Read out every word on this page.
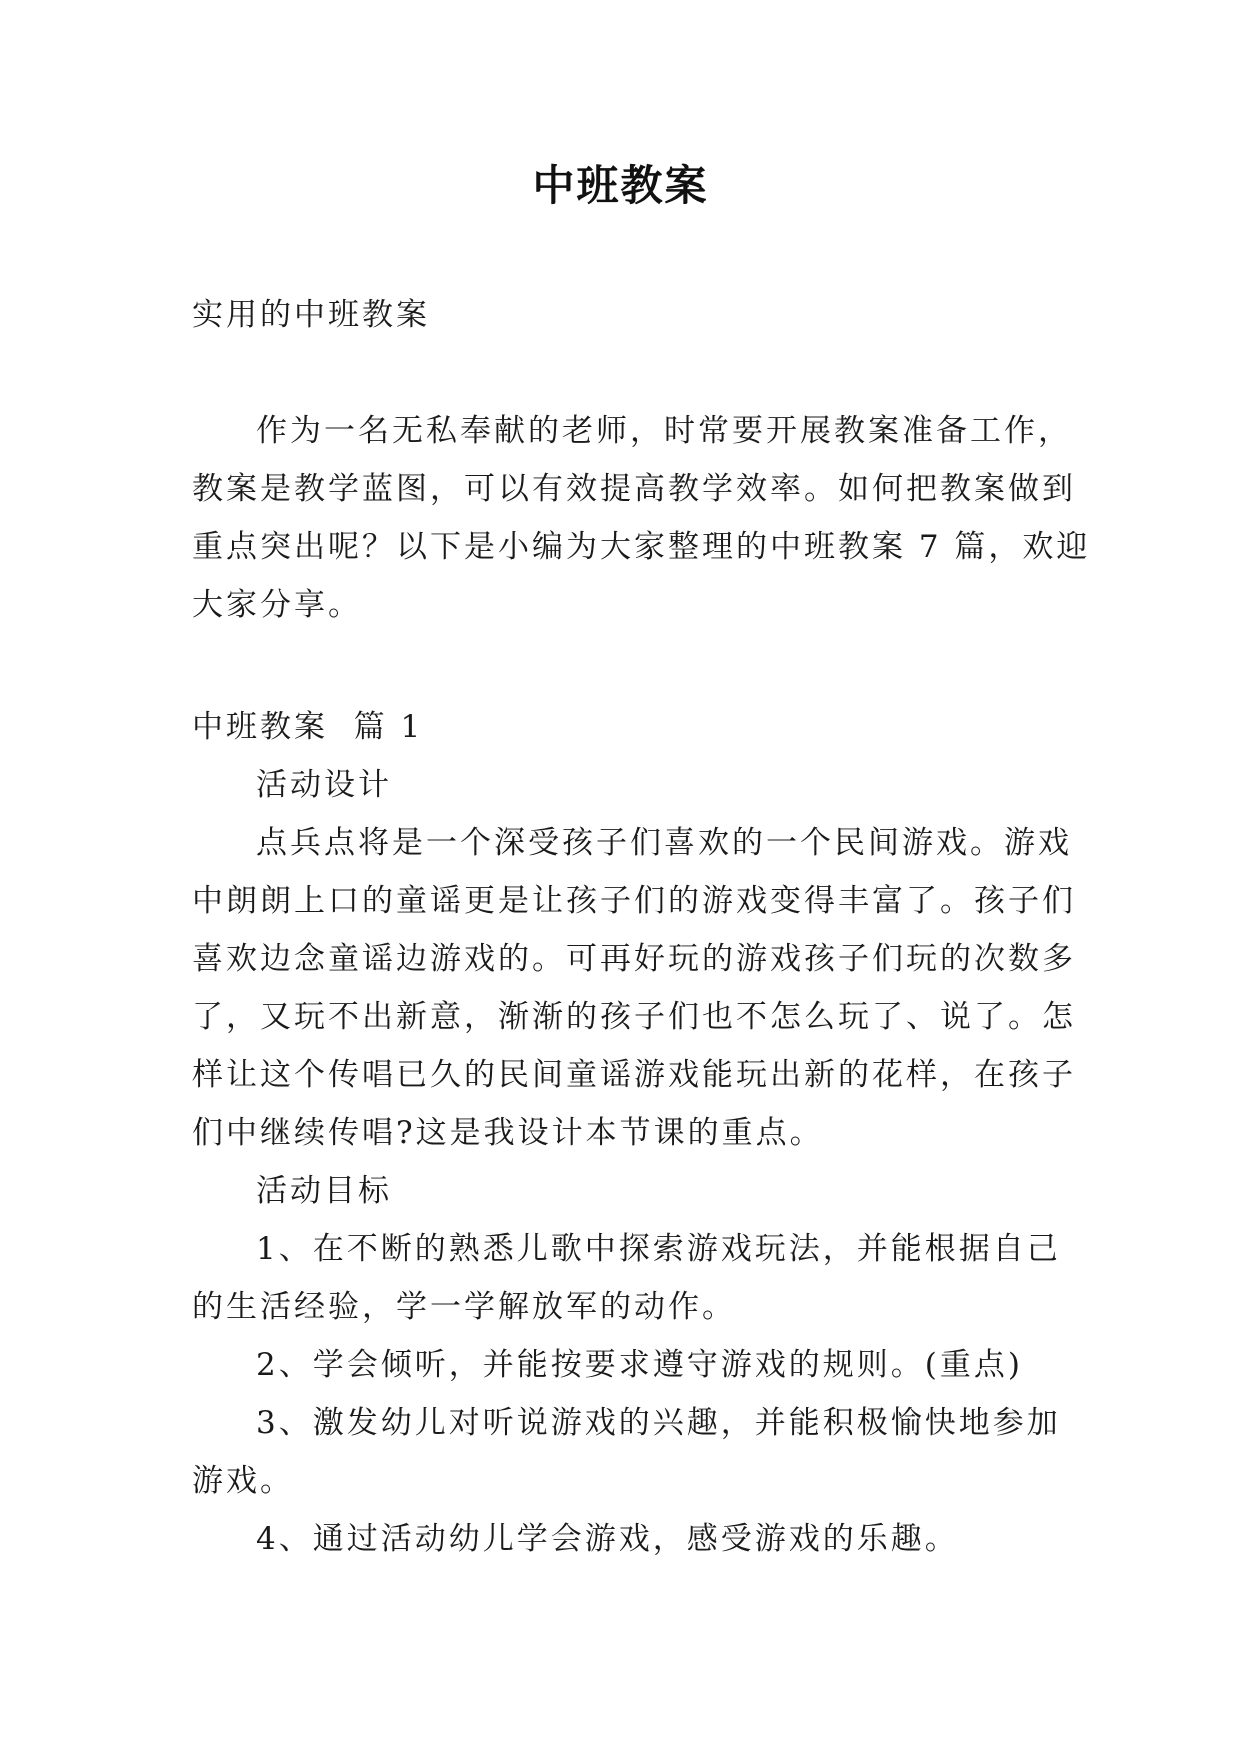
中班教案
实用的中班教案
作为一名无私奉献的老师，时常要开展教案准备工作，
教案是教学蓝图，可以有效提高教学效率。如何把教案做到
重点突出呢？以下是小编为大家整理的中班教案 7 篇，欢迎
大家分享。
中班教案  篇 1
活动设计
点兵点将是一个深受孩子们喜欢的一个民间游戏。游戏
中朗朗上口的童谣更是让孩子们的游戏变得丰富了。孩子们
喜欢边念童谣边游戏的。可再好玩的游戏孩子们玩的次数多
了，又玩不出新意，渐渐的孩子们也不怎么玩了、说了。怎
样让这个传唱已久的民间童谣游戏能玩出新的花样，在孩子
们中继续传唱?这是我设计本节课的重点。
活动目标
1、在不断的熟悉儿歌中探索游戏玩法，并能根据自己
的生活经验，学一学解放军的动作。
2、学会倾听，并能按要求遵守游戏的规则。(重点)
3、激发幼儿对听说游戏的兴趣，并能积极愉快地参加
游戏。
4、通过活动幼儿学会游戏，感受游戏的乐趣。
